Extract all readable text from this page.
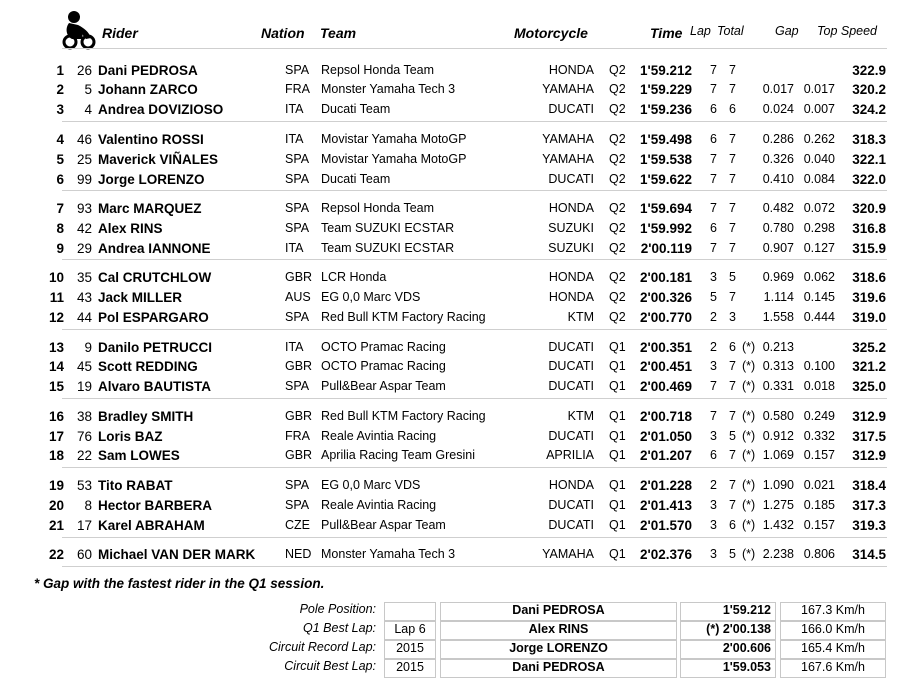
Rider	Nation Team	Motorcycle	Time Lap Total	Gap Top Speed
1 26 Dani PEDROSA	SPA Repsol Honda Team	HONDA Q2	1'59.212	7 7	322.9
2	5 Johann ZARCO	FRA Monster Yamaha Tech 3	YAMAHA Q2	1'59.229	7 7	0.017 0.017	320.2
3	4 Andrea DOVIZIOSO	ITA Ducati Team	DUCATI Q2	1'59.236	6 6	0.024 0.007	324.2
4 46 Valentino ROSSI	ITA Movistar Yamaha MotoGP	YAMAHA Q2	1'59.498	6 7	0.286 0.262	318.3
5 25 Maverick VIÑALES	SPA Movistar Yamaha MotoGP	YAMAHA Q2	1'59.538	7 7	0.326 0.040	322.1
6 99 Jorge LORENZO	SPA Ducati Team	DUCATI Q2	1'59.622	7 7	0.410 0.084	322.0
7 93 Marc MARQUEZ	SPA Repsol Honda Team	HONDA Q2	1'59.694	7 7	0.482 0.072	320.9
8 42 Alex RINS	SPA Team SUZUKI ECSTAR	SUZUKI Q2	1'59.992	6 7	0.780 0.298	316.8
9 29 Andrea IANNONE	ITA Team SUZUKI ECSTAR	SUZUKI Q2	2'00.119	7 7	0.907 0.127	315.9
10 35 Cal CRUTCHLOW	GBR LCR Honda	HONDA Q2	2'00.181	3 5	0.969 0.062	318.6
11 43 Jack MILLER	AUS EG 0,0 Marc VDS	HONDA Q2	2'00.326	5 7	1.114 0.145	319.6
12 44 Pol ESPARGARO	SPA Red Bull KTM Factory Racing	KTM Q2	2'00.770	2 3	1.558 0.444	319.0
13	9 Danilo PETRUCCI	ITA OCTO Pramac Racing	DUCATI Q1	2'00.351	2 6 (*) 0.213	325.2
14 45 Scott REDDING	GBR OCTO Pramac Racing	DUCATI Q1	2'00.451	3 7 (*) 0.313 0.100	321.2
15 19 Alvaro BAUTISTA	SPA Pull&Bear Aspar Team	DUCATI Q1	2'00.469	7 7 (*) 0.331 0.018	325.0
16 38 Bradley SMITH	GBR Red Bull KTM Factory Racing	KTM Q1	2'00.718	7 7 (*) 0.580 0.249	312.9
17 76 Loris BAZ	FRA Reale Avintia Racing	DUCATI Q1	2'01.050	3 5 (*) 0.912 0.332	317.5
18 22 Sam LOWES	GBR Aprilia Racing Team Gresini	APRILIA Q1	2'01.207	6 7 (*) 1.069 0.157	312.9
19 53 Tito RABAT	SPA EG 0,0 Marc VDS	HONDA Q1	2'01.228	2 7 (*) 1.090 0.021	318.4
20	8 Hector BARBERA	SPA Reale Avintia Racing	DUCATI Q1	2'01.413	3 7 (*) 1.275 0.185	317.3
21 17 Karel ABRAHAM	CZE Pull&Bear Aspar Team	DUCATI Q1	2'01.570	3 6 (*) 1.432 0.157	319.3
22 60 Michael VAN DER MARK NED Monster Yamaha Tech 3	YAMAHA Q1	2'02.376	3 5 (*) 2.238 0.806	314.5
* Gap with the fastest rider in the Q1 session.
Pole Position:	Dani PEDROSA	1'59.212	167.3 Km/h
Q1 Best Lap:	Lap 6	Alex RINS	(*) 2'00.138	166.0 Km/h
Circuit Record Lap:	2015	Jorge LORENZO	2'00.606	165.4 Km/h
Circuit Best Lap:	2015	Dani PEDROSA	1'59.053	167.6 Km/h
